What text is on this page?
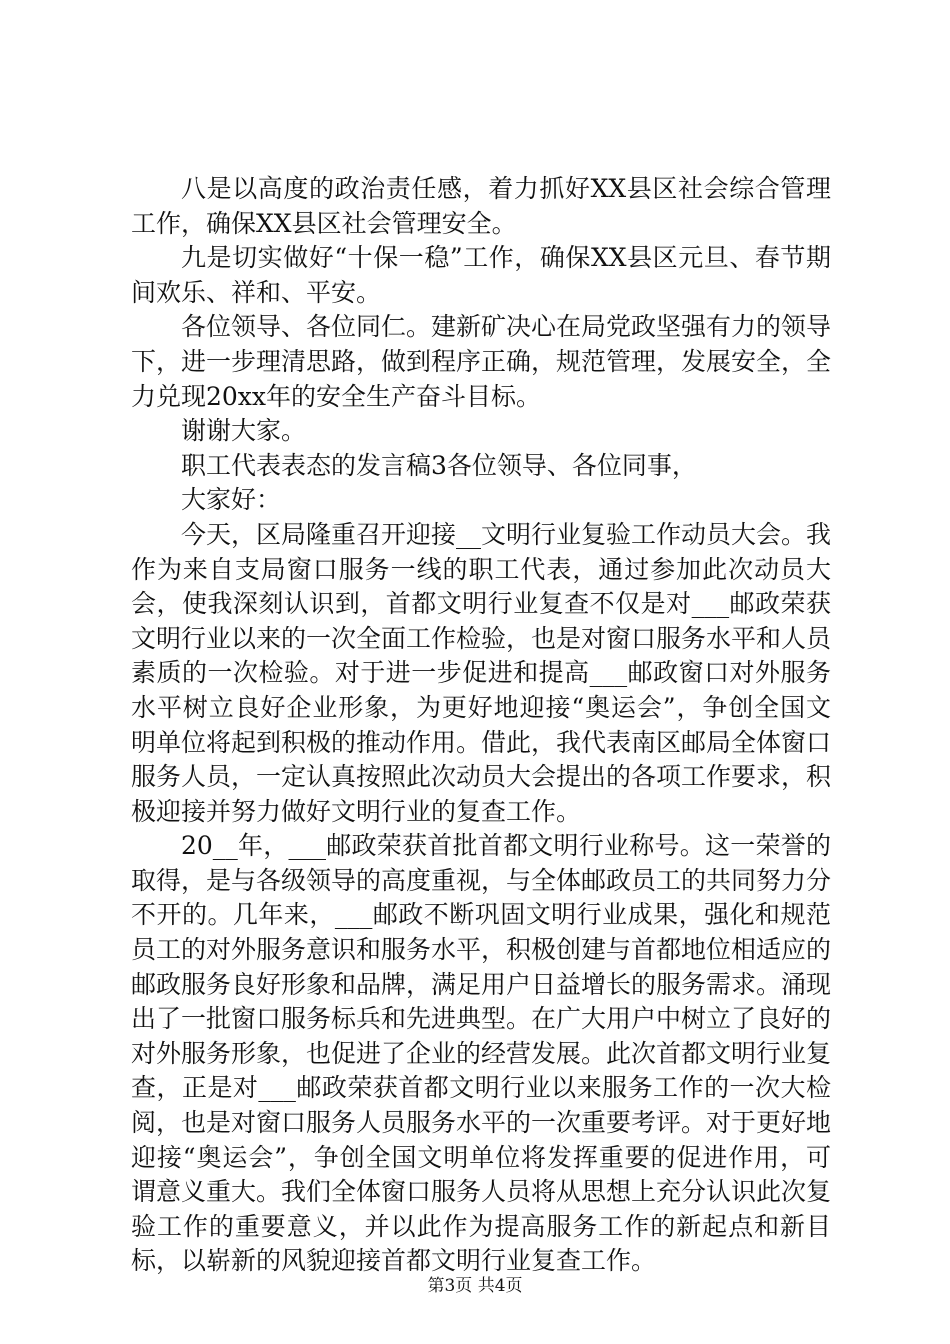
八是以高度的政治责任感，着力抓好XX县区社会综合管理工作，确保XX县区社会管理安全。

九是切实做好“十保一稳”工作，确保XX县区元旦、春节期间欢乐、祥和、平安。

各位领导、各位同仁。建新矿决心在局党政坚强有力的领导下，进一步理清思路，做到程序正确，规范管理，发展安全，全力兑现20xx年的安全生产奋斗目标。

谢谢大家。

职工代表表态的发言稿3各位领导、各位同事，

大家好：

今天，区局隆重召开迎接__文明行业复验工作动员大会。我作为来自支局窗口服务一线的职工代表，通过参加此次动员大会，使我深刻认识到，首都文明行业复查不仅是对___邮政荣获文明行业以来的一次全面工作检验，也是对窗口服务水平和人员素质的一次检验。对于进一步促进和提高___邮政窗口对外服务水平树立良好企业形象，为更好地迎接“奥运会”，争创全国文明单位将起到积极的推动作用。借此，我代表南区邮局全体窗口服务人员，一定认真按照此次动员大会提出的各项工作要求，积极迎接并努力做好文明行业的复查工作。

20__年，___邮政荣获首批首都文明行业称号。这一荣誉的取得，是与各级领导的高度重视，与全体邮政员工的共同努力分不开的。几年来，___邮政不断巩固文明行业成果，强化和规范员工的对外服务意识和服务水平，积极创建与首都地位相适应的邮政服务良好形象和品牌，满足用户日益增长的服务需求。涌现出了一批窗口服务标兵和先进典型。在广大用户中树立了良好的对外服务形象，也促进了企业的经营发展。此次首都文明行业复查，正是对___邮政荣获首都文明行业以来服务工作的一次大检阅，也是对窗口服务人员服务水平的一次重要考评。对于更好地迎接“奥运会”，争创全国文明单位将发挥重要的促进作用，可谓意义重大。我们全体窗口服务人员将从思想上充分认识此次复验工作的重要意义，并以此作为提高服务工作的新起点和新目标，以崭新的风貌迎接首都文明行业复查工作。

第3页 共4页
